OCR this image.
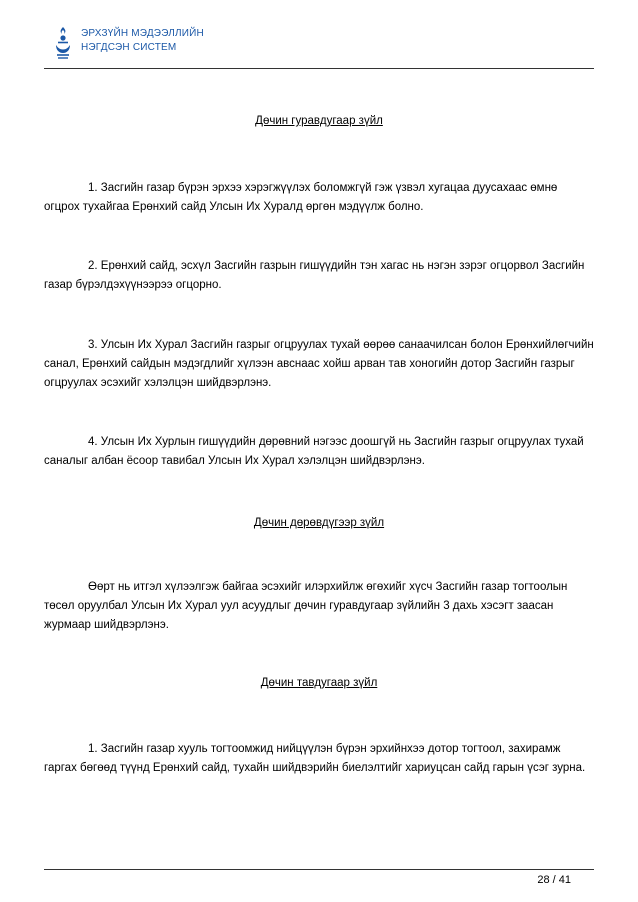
ЭРХЗҮЙН МЭДЭЭЛЛИЙН
НЭГДСЭН СИСТЕМ
Дөчин гуравдугаар зүйл
1. Засгийн газар бүрэн эрхээ хэрэгжүүлэх боломжгүй гэж үзвэл хугацаа дуусахаас өмнө огцрох тухайгаа Ерөнхий сайд Улсын Их Хуралд өргөн мэдүүлж болно.
2. Ерөнхий сайд, эсхүл Засгийн газрын гишүүдийн тэн хагас нь нэгэн зэрэг огцорвол Засгийн газар бүрэлдэхүүнээрээ огцорно.
3. Улсын Их Хурал Засгийн газрыг огцруулах тухай өөрөө санаачилсан болон Ерөнхийлөгчийн санал, Ерөнхий сайдын мэдэгдлийг хүлээн авснаас хойш арван тав хоногийн дотор Засгийн газрыг огцруулах эсэхийг хэлэлцэн шийдвэрлэнэ.
4. Улсын Их Хурлын гишүүдийн дөрөвний нэгээс доошгүй нь Засгийн газрыг огцруулах тухай саналыг албан ёсоор тавибал Улсын Их Хурал хэлэлцэн шийдвэрлэнэ.
Дөчин дөрөвдүгээр зүйл
Өөрт нь итгэл хүлээлгэж байгаа эсэхийг илэрхийлж өгөхийг хүсч Засгийн газар тогтоолын төсөл оруулбал Улсын Их Хурал уул асуудлыг дөчин гуравдугаар зүйлийн 3 дахь хэсэгт заасан журмаар шийдвэрлэнэ.
Дөчин тавдугаар зүйл
1. Засгийн газар хууль тогтоомжид нийцүүлэн бүрэн эрхийнхээ дотор тогтоол, захирамж гаргах бөгөөд түүнд Ерөнхий сайд, тухайн шийдвэрийн биелэлтийг хариуцсан сайд гарын үсэг зурна.
28 / 41
